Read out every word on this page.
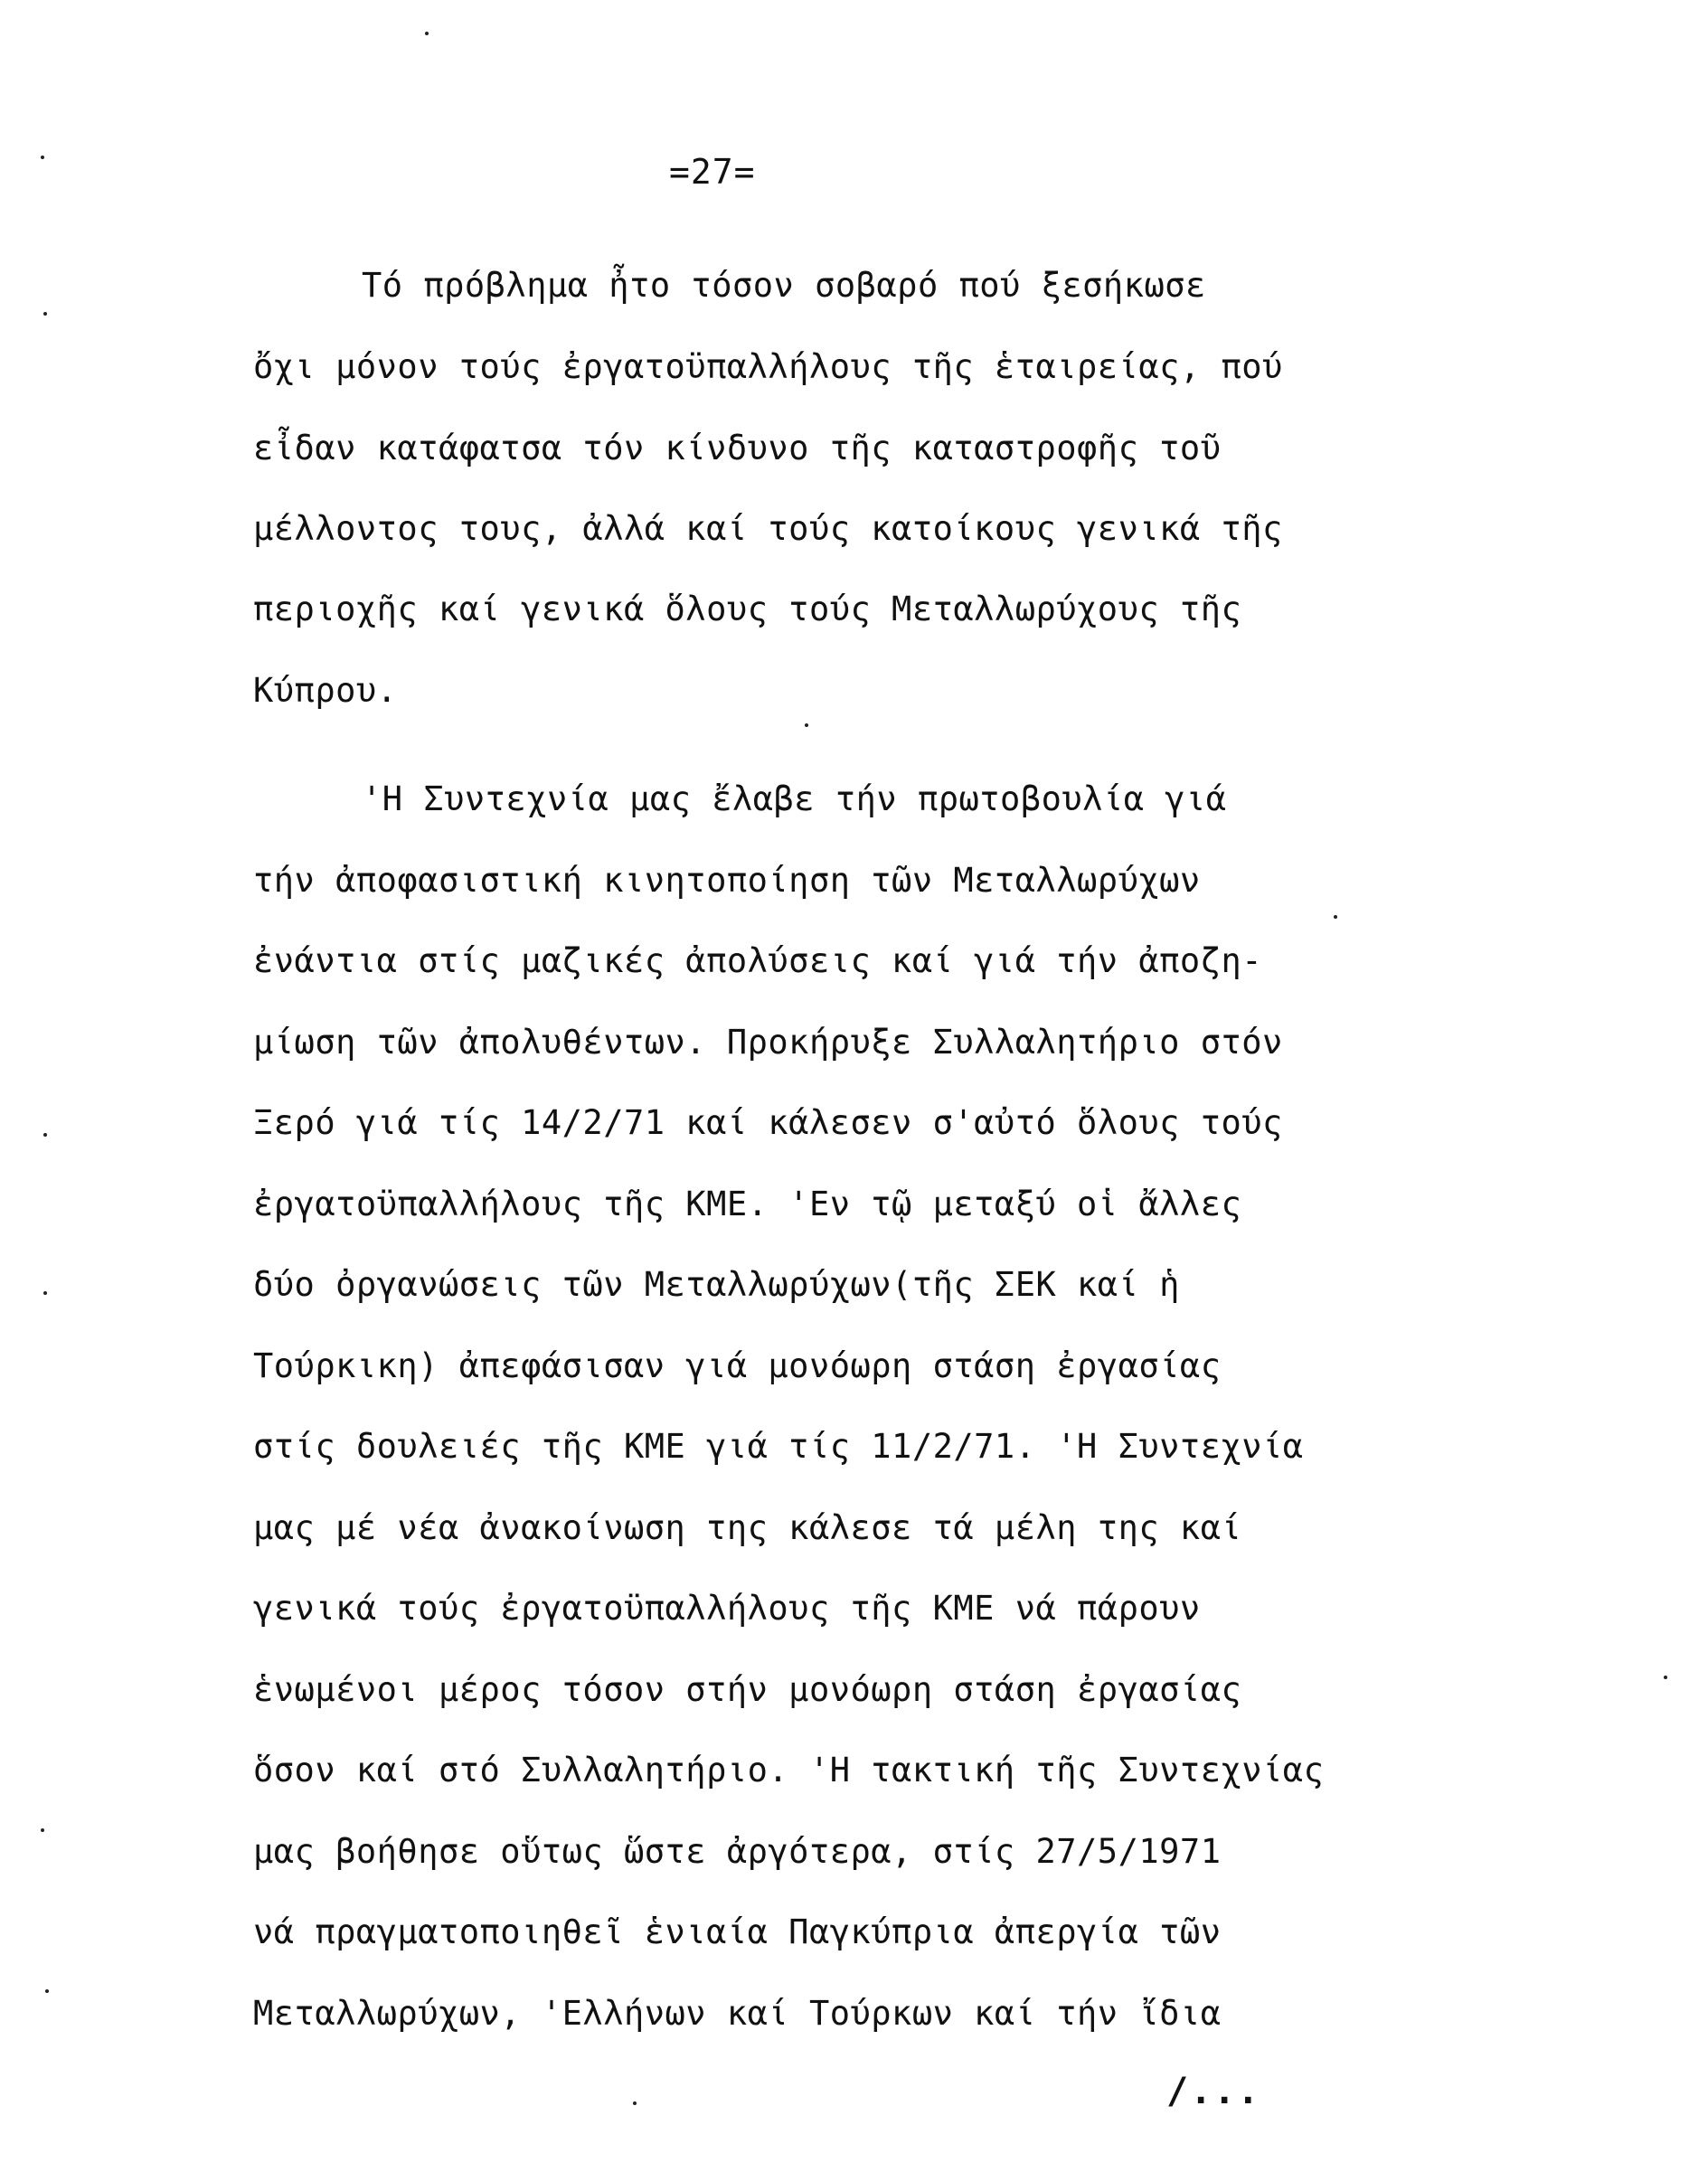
=27=
Τό πρόβλημα ἦτο τόσον σοβαρό πού ξεσήκωσε
ὄχι μόνον τούς ἐργατοϋπαλλήλους τῆς ἑταιρείας, πού
εἶδαν κατάφατσα τόν κίνδυνο τῆς καταστροφῆς τοῦ
μέλλοντος τους, ἀλλά καί τούς κατοίκους γενικά τῆς
περιοχῆς καί γενικά ὅλους τούς Μεταλλωρύχους τῆς
Κύπρου.
'Η Συντεχνία μας ἔλαβε τήν πρωτοβουλία γιά
τήν ἀποφασιστική κινητοποίηση τῶν Μεταλλωρύχων
ἐνάντια στίς μαζικές ἀπολύσεις καί γιά τήν ἀποζη-
μίωση τῶν ἀπολυθέντων. Προκήρυξε Συλλαλητήριο στόν
Ξερό γιά τίς 14/2/71 καί κάλεσεν σ'αὐτό ὅλους τούς
ἐργατοϋπαλλήλους τῆς ΚΜΕ. 'Εν τῷ μεταξύ οἱ ἄλλες
δύο ὀργανώσεις τῶν Μεταλλωρύχων(τῆς ΣΕΚ καί ἡ
Τούρκικη) ἀπεφάσισαν γιά μονόωρη στάση ἐργασίας
στίς δουλειές τῆς ΚΜΕ γιά τίς 11/2/71. 'Η Συντεχνία
μας μέ νέα ἀνακοίνωση της κάλεσε τά μέλη της καί
γενικά τούς ἐργατοϋπαλλήλους τῆς ΚΜΕ νά πάρουν
ἑνωμένοι μέρος τόσον στήν μονόωρη στάση ἐργασίας
ὅσον καί στό Συλλαλητήριο. 'Η τακτική τῆς Συντεχνίας
μας βοήθησε οὕτως ὥστε ἀργότερα, στίς 27/5/1971
νά πραγματοποιηθεῖ ἑνιαία Παγκύπρια ἀπεργία τῶν
Μεταλλωρύχων, 'Ελλήνων καί Τούρκων καί τήν ἴδια
/...
